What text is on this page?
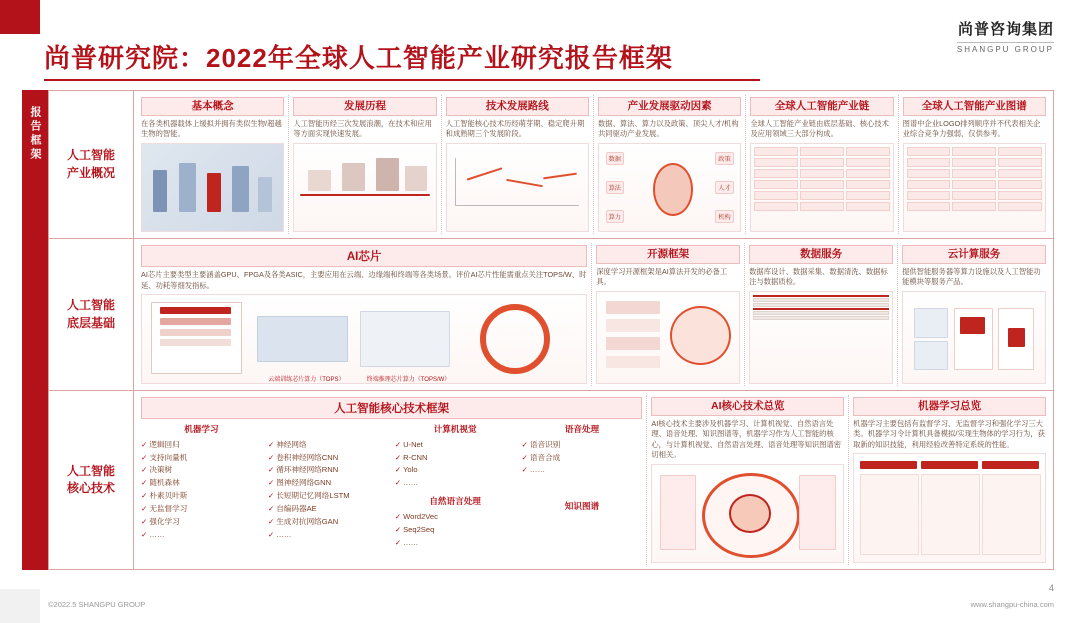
尚普咨询集团
SHANGPU GROUP
尚普研究院：2022年全球人工智能产业研究报告框架
报告框架	人工智能
产业概况
基本概念
在各类机器载体上缓拟并拥有类似生物/超越生物的智能。
发展历程
人工智能历经三次发展浪潮，在技术和应用等方面实现快速发展。
技术发展路线
人工智能核心技术历经萌芽期、稳定爬升期和成熟期三个发展阶段。
产业发展驱动因素
数据、算法、算力以及政策、顶尖人才/机构共同驱动产业发展。
数据
算法
算力
政策
人才
机构
全球人工智能产业链
全球人工智能产业链由底层基础、核心技术及应用领域三大部分构成。
全球人工智能产业图谱
图谱中企业LOGO排列顺序并不代表相关企业综合竞争力强弱，仅供参考。
人工智能
底层基础
AI芯片
AI芯片主要类型主要涵盖GPU、FPGA及各类ASIC，主要应用在云端、边缘端和终端等各类场景。评价AI芯片性能需重点关注TOPS/W、时延、功耗等细发指标。
云端训练芯片算力（TOPS）	终端推理芯片算力（TOPS/W）
开源框架
深度学习开源框架是AI算法开发的必备工具。
数据服务
数据库设计、数据采集、数据清洗、数据标注与数据质检。
云计算服务
提供智能服务器等算力设施以及人工智能功能模块等服务产品。
人工智能
核心技术
人工智能核心技术框架
机器学习
✓ 逻辑回归
✓ 支持向量机
✓ 决策树
✓ 随机森林
✓ 朴素贝叶斯
✓ 无监督学习
✓ 强化学习
✓ ……

✓ 神经网络
✓ 卷积神经网络CNN
✓ 循环神经网络RNN
✓ 图神经网络GNN
✓ 长短期记忆网络LSTM
✓ 自编码器AE
✓ 生成对抗网络GAN
✓ ……
计算机视觉
✓ U-Net
✓ R-CNN
✓ Yolo
✓ ……
自然语言处理
✓ Word2Vec
✓ Seq2Seq
✓ ……
语音处理
✓ 语音识别
✓ 语音合成
✓ ……
知识图谱
AI核心技术总览
AI核心技术主要涉及机器学习、计算机视觉、自然语言处理、语音处理、知识图谱等，机器学习作为人工智能的核心，与计算机视觉、自然语言处理、语音处理等知识图谱密切相关。
机器学习总览
机器学习主要包括有监督学习、无监督学习和强化学习三大类。机器学习令计算机具备模拟/实现生物体的学习行为，获取新的知识技能，利用经验改善特定系统的性能。
4
©2022.5 SHANGPU GROUP	www.shangpu-china.com
